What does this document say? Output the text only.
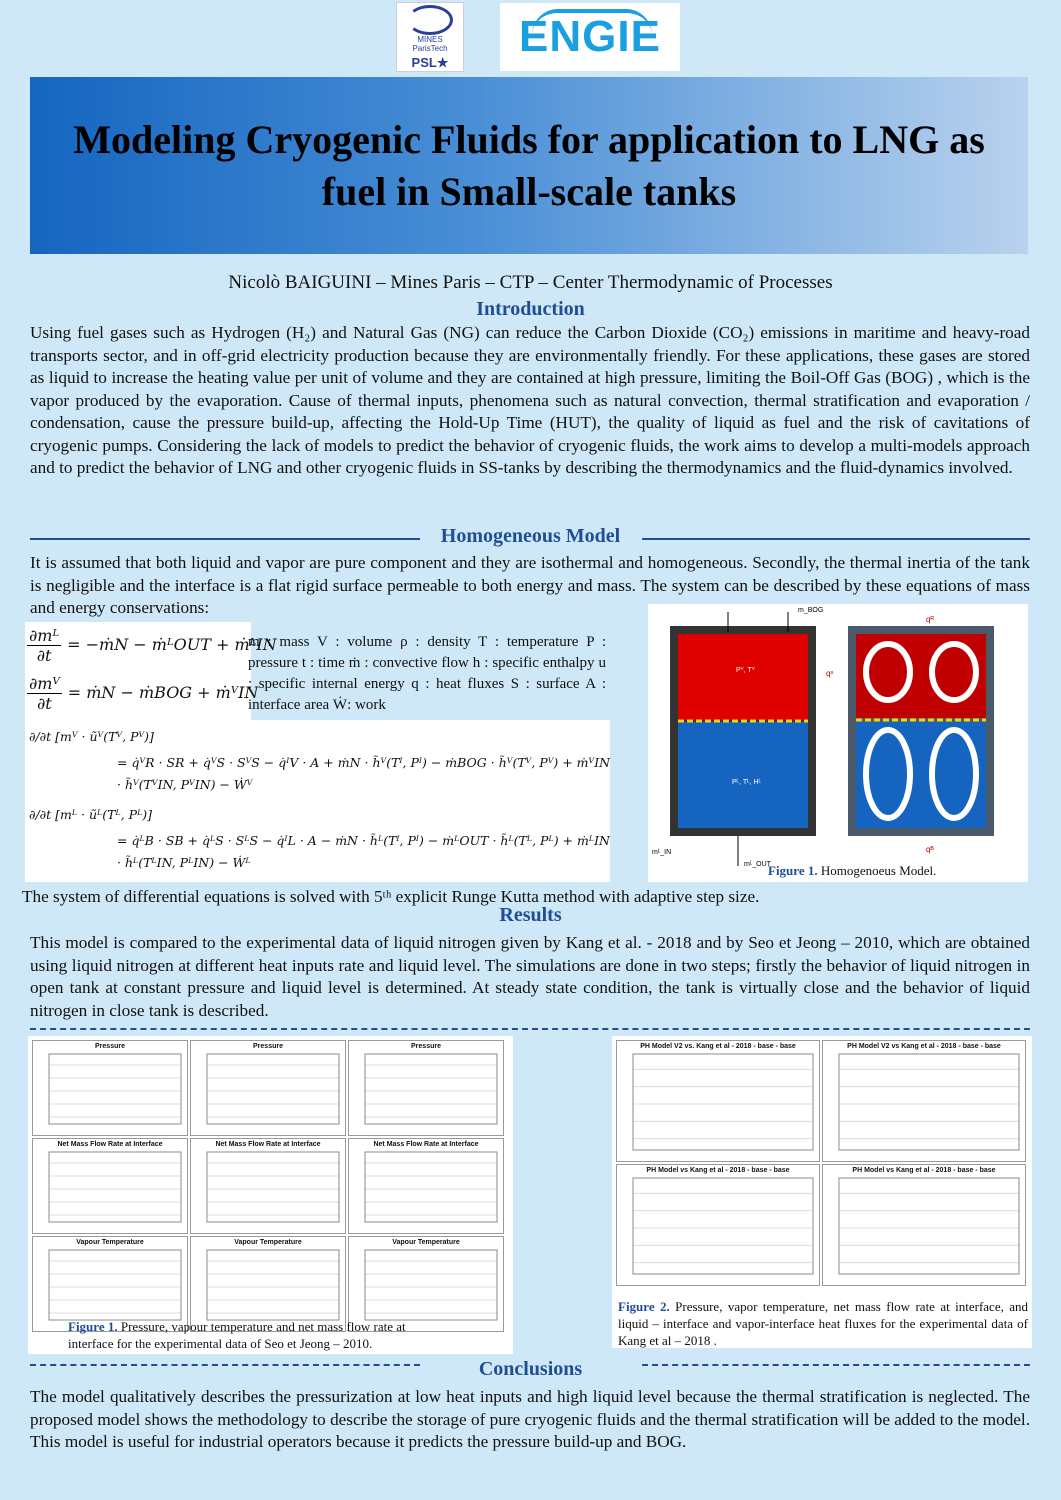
MINES
ParisTech
PSL★
ENGIE
Modeling Cryogenic Fluids for application to LNG as fuel in Small-scale tanks
Nicolò BAIGUINI – Mines Paris – CTP – Center Thermodynamic of Processes
Introduction
Using fuel gases such as Hydrogen (H₂) and Natural Gas (NG) can reduce the Carbon Dioxide (CO₂) emissions in maritime and heavy-road transports sector, and in off-grid electricity production because they are environmentally friendly. For these applications, these gases are stored as liquid to increase the heating value per unit of volume and they are contained at high pressure, limiting the Boil-Off Gas (BOG) , which is the vapor produced by the evaporation. Cause of thermal inputs, phenomena such as natural convection, thermal stratification and evaporation / condensation, cause the pressure build-up, affecting the Hold-Up Time (HUT), the quality of liquid as fuel and the risk of cavitations of cryogenic pumps. Considering the lack of models to predict the behavior of cryogenic fluids, the work aims to develop a multi-models approach and to predict the behavior of LNG and other cryogenic fluids in SS-tanks by describing the thermodynamics and the fluid-dynamics involved.
Homogeneous Model
It is assumed that both liquid and vapor are pure component and they are isothermal and homogeneous. Secondly, the thermal inertia of the tank is negligible and the interface is a flat rigid surface permeable to both energy and mass. The system can be described by these equations of mass and energy conservations:
$\frac{\text{∂mᴸ}}{\partial t}$ = −ṁN − ṁᴸOUT + ṁᴸIN
$\frac{\text{∂mⱽ}}{\partial t}$ = ṁN − ṁBOG + ṁⱽIN
m : mass V : volume ρ : density T : temperature P : pressure t : time ṁ : convective flow h : specific enthalpy u : specific internal energy q : heat fluxes S : surface A : interface area Ẇ: work
∂/∂t [mⱽ · ũⱽ(Tⱽ, Pⱽ)]
= q̇ⱽR · SR + q̇ⱽS · SⱽS − q̇ᴵV · A + ṁN · h̃ⱽ(Tᴵ, Pᴵ) − ṁBOG · h̃ⱽ(Tⱽ, Pⱽ) + ṁⱽIN
· h̃ⱽ(TⱽIN, PⱽIN) − Ẇⱽ
∂/∂t [mᴸ · ũᴸ(Tᴸ, Pᴸ)]
= q̇ᴸB · SB + q̇ᴸS · SᴸS − q̇ᴵL · A − ṁN · h̃ᴸ(Tᴵ, Pᴵ) − ṁᴸOUT · h̃ᴸ(Tᴸ, Pᴸ) + ṁᴸIN
· h̃ᴸ(TᴸIN, PᴸIN) − Ẇᴸ
Pⱽ, Tⱽ
Pᴸ, Tᴸ, Hᴸ
m_BOG
mᴸ_OUT
mᴸ_IN
qˢ
qᴮ
qᴿ
Figure 1. Homogenoeus Model.
The system of differential equations is solved with 5ᵗʰ explicit Runge Kutta method with adaptive step size.
Results
This model is compared to the experimental data of liquid nitrogen given by Kang et al. - 2018 and by Seo et Jeong – 2010, which are obtained using liquid nitrogen at different heat inputs rate and liquid level. The simulations are done in two steps; firstly the behavior of liquid nitrogen in open tank at constant pressure and liquid level is determined. At steady state condition, the tank is virtually close and the behavior of liquid nitrogen in close tank is described.
Pressure	Pressure	Pressure
Net Mass Flow Rate at Interface	Net Mass Flow Rate at Interface	Net Mass Flow Rate at Interface
Vapour Temperature	Vapour Temperature	Vapour Temperature
Figure 1. Pressure, vapour temperature and net mass flow rate at interface for the experimental data of Seo et Jeong – 2010.
PH Model V2 vs. Kang et al - 2018 - base - base	PH Model V2 vs Kang et al - 2018 - base - base
PH Model vs Kang et al - 2018 - base - base	PH Model vs Kang et al - 2018 - base - base
Figure 2. Pressure, vapor temperature, net mass flow rate at interface, and liquid – interface and vapor-interface heat fluxes for the experimental data of Kang et al – 2018 .
Conclusions
The model qualitatively describes the pressurization at low heat inputs and high liquid level because the thermal stratification is neglected. The proposed model shows the methodology to describe the storage of pure cryogenic fluids and the thermal stratification will be added to the model. This model is useful for industrial operators because it predicts the pressure build-up and BOG.
